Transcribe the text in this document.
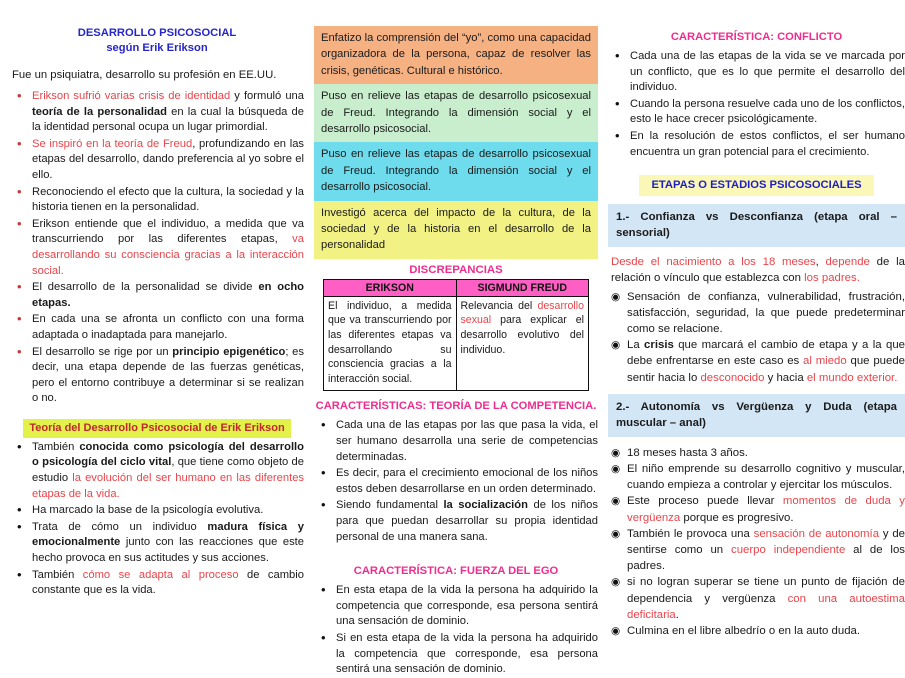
DESARROLLO PSICOSOCIAL
según Erik Erikson
Fue un psiquiatra, desarrollo su profesión en EE.UU.
• Erikson sufrió varias crisis de identidad y formuló una teoría de la personalidad en la cual la búsqueda de la identidad personal ocupa un lugar primordial.
• Se inspiró en la teoría de Freud, profundizando en las etapas del desarrollo, dando preferencia al yo sobre el ello.
• Reconociendo el efecto que la cultura, la sociedad y la historia tienen en la personalidad.
• Erikson entiende que el individuo, a medida que va transcurriendo por las diferentes etapas, va desarrollando su consciencia gracias a la interacción social.
• El desarrollo de la personalidad se divide en ocho etapas.
• En cada una se afronta un conflicto con una forma adaptada o inadaptada para manejarlo.
• El desarrollo se rige por un principio epigenético; es decir, una etapa depende de las fuerzas genéticas, pero el entorno contribuye a determinar si se realizan o no.
Teoría del Desarrollo Psicosocial de Erik Erikson
• También conocida como psicología del desarrollo o psicología del ciclo vital, que tiene como objeto de estudio la evolución del ser humano en las diferentes etapas de la vida.
• Ha marcado la base de la psicología evolutiva.
• Trata de cómo un individuo madura física y emocionalmente junto con las reacciones que este hecho provoca en sus actitudes y sus acciones.
• También cómo se adapta al proceso de cambio constante que es la vida.
Enfatizo la comprensión del “yo”, como una capacidad organizadora de la persona, capaz de resolver las crisis, genéticas. Cultural e histórico.
Puso en relieve las etapas de desarrollo psicosexual de Freud. Integrando la dimensión social y el desarrollo psicosocial.
Puso en relieve las etapas de desarrollo psicosexual de Freud. Integrando la dimensión social y el desarrollo psicosocial.
Investigó acerca del impacto de la cultura, de la sociedad y de la historia en el desarrollo de la personalidad
DISCREPANCIAS
ERIKSON	SIGMUND FREUD
El individuo, a medida que va transcurriendo por las diferentes etapas va desarrollando su consciencia gracias a la interacción social.	Relevancia del desarrollo sexual para explicar el desarrollo evolutivo del individuo.
CARACTERÍSTICAS: TEORÍA DE LA COMPETENCIA.
• Cada una de las etapas por las que pasa la vida, el ser humano desarrolla una serie de competencias determinadas.
• Es decir, para el crecimiento emocional de los niños estos deben desarrollarse en un orden determinado.
• Siendo fundamental la socialización de los niños para que puedan desarrollar su propia identidad personal de una manera sana.
CARACTERÍSTICA: FUERZA DEL EGO
• En esta etapa de la vida la persona ha adquirido la competencia que corresponde, esa persona sentirá una sensación de dominio.
• Si en esta etapa de la vida la persona ha adquirido la competencia que corresponde, esa persona sentirá una sensación de dominio.
CARACTERÍSTICA: CONFLICTO
• Cada una de las etapas de la vida se ve marcada por un conflicto, que es lo que permite el desarrollo del individuo.
• Cuando la persona resuelve cada uno de los conflictos, esto le hace crecer psicológicamente.
• En la resolución de estos conflictos, el ser humano encuentra un gran potencial para el crecimiento.
ETAPAS O ESTADIOS PSICOSOCIALES
1.- Confianza vs Desconfianza (etapa oral – sensorial)
Desde el nacimiento a los 18 meses, depende de la relación o vínculo que establezca con los padres.
◉ Sensación de confianza, vulnerabilidad, frustración, satisfacción, seguridad, la que puede predeterminar como se relacione.
◉ La crisis que marcará el cambio de etapa y a la que debe enfrentarse en este caso es al miedo que puede sentir hacia lo desconocido y hacia el mundo exterior.
2.- Autonomía vs Vergüenza y Duda (etapa muscular – anal)
◉ 18 meses hasta 3 años.
◉ El niño emprende su desarrollo cognitivo y muscular, cuando empieza a controlar y ejercitar los músculos.
◉ Este proceso puede llevar momentos de duda y vergüenza porque es progresivo.
◉ También le provoca una sensación de autonomía y de sentirse como un cuerpo independiente al de los padres.
◉ si no logran superar se tiene un punto de fijación de dependencia y vergüenza con una autoestima deficitaria.
◉ Culmina en el libre albedrío o en la auto duda.
